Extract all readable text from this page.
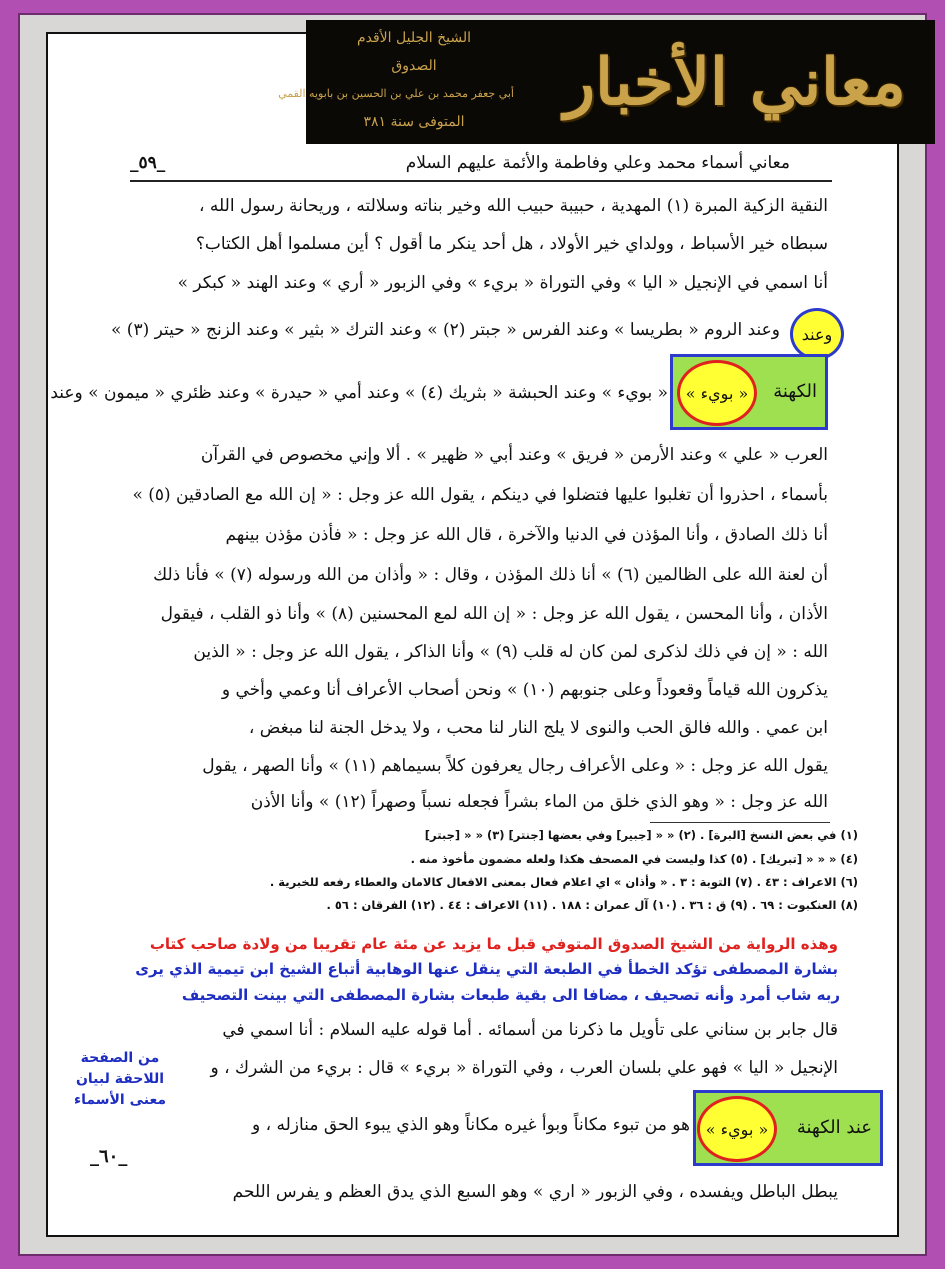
معاني الأخبار
الشيخ الجليل الأقدم
الصدوق
أبي جعفر محمد بن علي بن الحسين بن بابويه القمي
المتوفى سنة ٣٨١
معاني أسماء محمد وعلي وفاطمة والأئمة عليهم السلام
_٥٩_
النقية الزكية المبرة (١) المهدية ، حبيبة حبيب الله وخير بناته وسلالته ، وريحانة رسول الله ،
سبطاه خير الأسباط ، وولداي خير الأولاد ، هل أحد ينكر ما أقول ؟ أين مسلموا أهل الكتاب؟
أنا اسمي في الإنجيل « اليا » وفي التوراة « بريء » وفي الزبور « أري » وعند الهند « كبكر »
وعند الروم « بطريسا » وعند الفرس « جبتر (٢) » وعند الترك « بثير » وعند الزنج « حيتر (٣) »
« بويء » وعند الحبشة « بثريك (٤) » وعند أمي « حيدرة » وعند ظئري « ميمون » وعند
العرب « علي » وعند الأرمن « فريق » وعند أبي « ظهير » . ألا وإني مخصوص في القرآن
بأسماء ، احذروا أن تغلبوا عليها فتضلوا في دينكم ، يقول الله عز وجل : « إن الله مع الصادقين (٥) »
أنا ذلك الصادق ، وأنا المؤذن في الدنيا والآخرة ، قال الله عز وجل : « فأذن مؤذن بينهم
أن لعنة الله على الظالمين (٦) » أنا ذلك المؤذن ، وقال : « وأذان من الله ورسوله (٧) » فأنا ذلك
الأذان ، وأنا المحسن ، يقول الله عز وجل : « إن الله لمع المحسنين (٨) » وأنا ذو القلب ، فيقول
الله : « إن في ذلك لذكرى لمن كان له قلب (٩) » وأنا الذاكر ، يقول الله عز وجل : « الذين
يذكرون الله قياماً وقعوداً وعلى جنوبهم (١٠) » ونحن أصحاب الأعراف أنا وعمي وأخي و
ابن عمي . والله فالق الحب والنوى لا يلج النار لنا محب ، ولا يدخل الجنة لنا مبغض ،
يقول الله عز وجل : « وعلى الأعراف رجال يعرفون كلاً بسيماهم (١١) » وأنا الصهر ، يقول
الله عز وجل : « وهو الذي خلق من الماء بشراً فجعله نسباً وصهراً (١٢) » وأنا الأذن
وعند
الكهنة
« بويء »
(١) في بعض النسخ [البرة] . (٢) « « [جبير] وفي بعضها [جنتر] (٣) « « [جبتر]
(٤) « « « [تبريك] . (٥) كذا وليست في المصحف هكذا ولعله مضمون مأخوذ منه .
(٦) الاعراف : ٤٣ . (٧) التوبة : ٣ . « وأذان » اي اعلام فعال بمعنى الافعال كالامان والعطاء رفعه للخبرية .
(٨) العنكبوت : ٦٩ . (٩) ق : ٣٦ . (١٠) آل عمران : ١٨٨ . (١١) الاعراف : ٤٤ . (١٢) الفرقان : ٥٦ .
وهذه الرواية من الشيخ الصدوق المتوفي قبل ما يزيد عن مئة عام تقريبا من ولادة صاحب كتاب
بشارة المصطفى تؤكد الخطأ في الطبعة التي ينقل عنها الوهابية أتباع الشيخ ابن تيمية الذي يرى
ربه شاب أمرد وأنه تصحيف ، مضافا الى بقية طبعات بشارة المصطفى التي بينت التصحيف
قال جابر بن سناني على تأويل ما ذكرنا من أسمائه . أما قوله عليه السلام : أنا اسمي في
الإنجيل « اليا » فهو علي بلسان العرب ، وفي التوراة « بريء » قال : بريء من الشرك ، و
هو من تبوء مكاناً وبوأ غيره مكاناً وهو الذي يبوء الحق منازله ، و
يبطل الباطل ويفسده ، وفي الزبور « اري » وهو السبع الذي يدق العظم و يفرس اللحم
عند الكهنة
« بويء »
من الصفحة اللاحقة لبيان معنى الأسماء
_٦٠_
